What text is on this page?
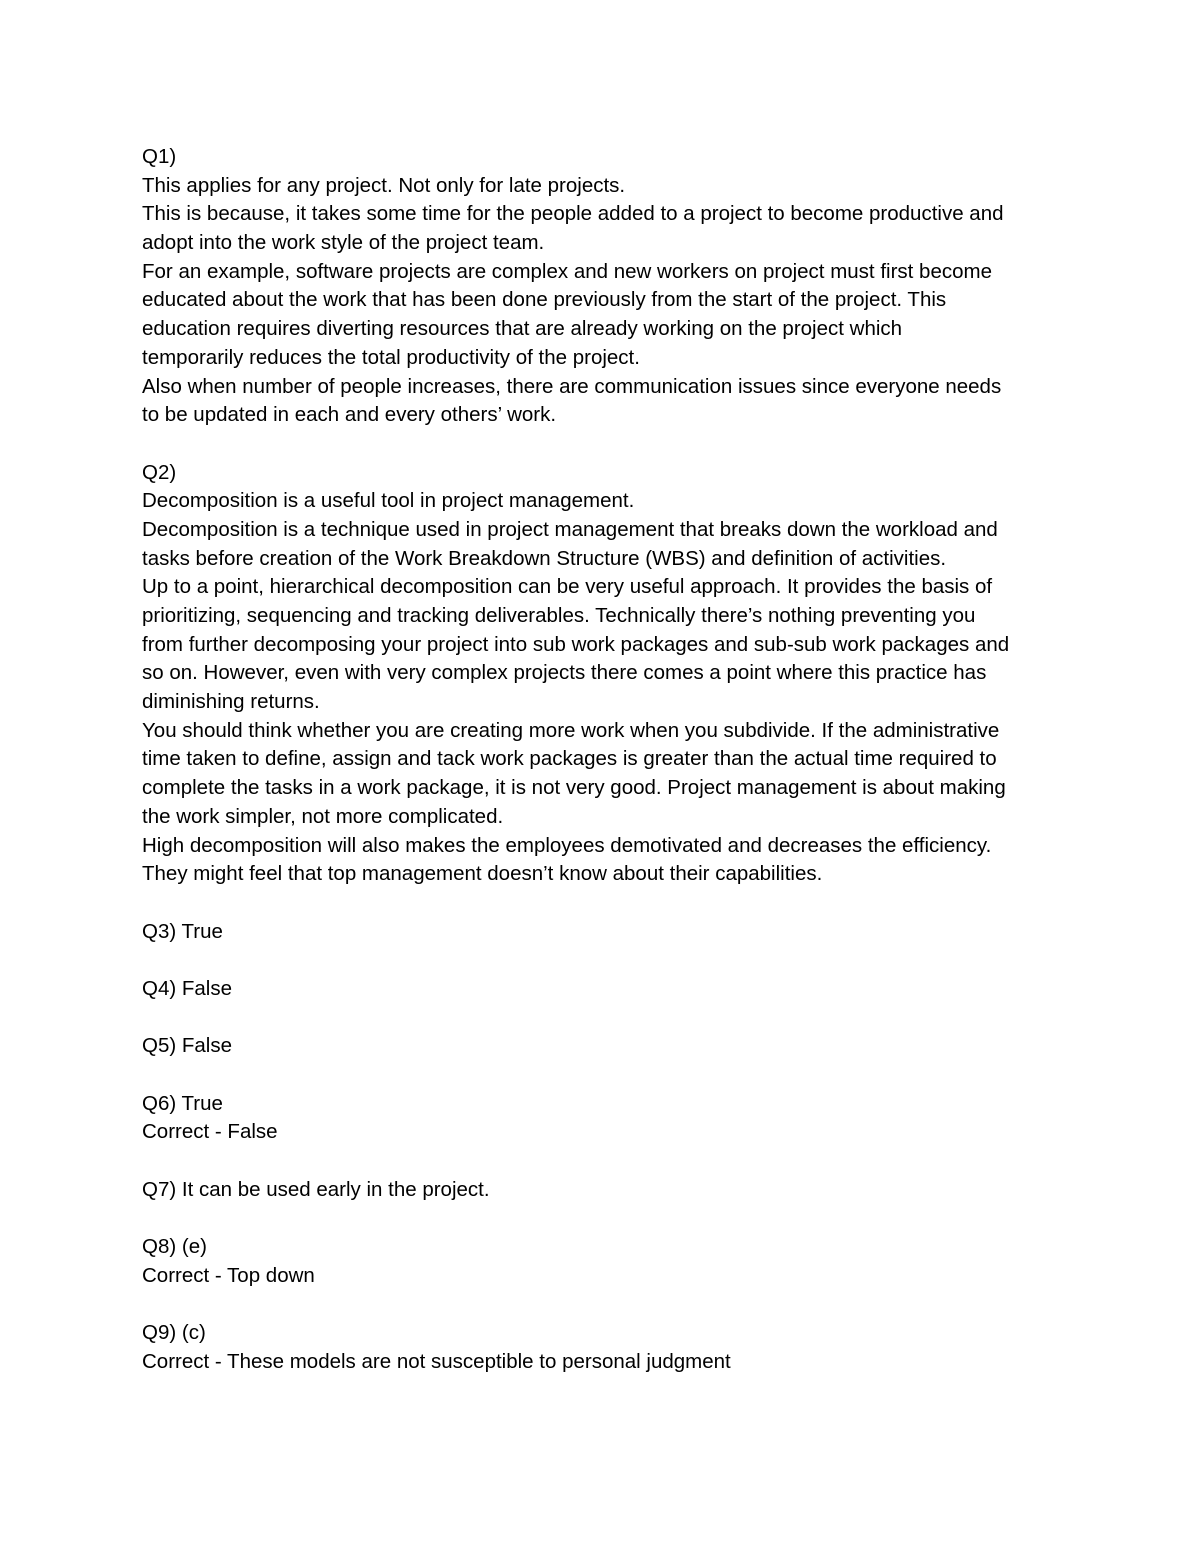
Q1)
This applies for any project. Not only for late projects.
This is because, it takes some time for the people added to a project to become productive and
adopt into the work style of the project team.
For an example, software projects are complex and new workers on project must first become
educated about the work that has been done previously from the start of the project. This
education requires diverting resources that are already working on the project which
temporarily reduces the total productivity of the project.
Also when number of people increases, there are communication issues since everyone needs
to be updated in each and every others’ work.
Q2)
Decomposition is a useful tool in project management.
Decomposition is a technique used in project management that breaks down the workload and
tasks before creation of the Work Breakdown Structure (WBS) and definition of activities.
Up to a point, hierarchical decomposition can be very useful approach. It provides the basis of
prioritizing, sequencing and tracking deliverables. Technically there’s nothing preventing you
from further decomposing your project into sub work packages and sub-sub work packages and
so on. However, even with very complex projects there comes a point where this practice has
diminishing returns.
You should think whether you are creating more work when you subdivide. If the administrative
time taken to define, assign and tack work packages is greater than the actual time required to
complete the tasks in a work package, it is not very good. Project management is about making
the work simpler, not more complicated.
High decomposition will also makes the employees demotivated and decreases the efficiency.
They might feel that top management doesn’t know about their capabilities.
Q3) True
Q4) False
Q5) False
Q6) True
Correct - False
Q7) It can be used early in the project.
Q8) (e)
Correct - Top down
Q9) (c)
Correct - These models are not susceptible to personal judgment
